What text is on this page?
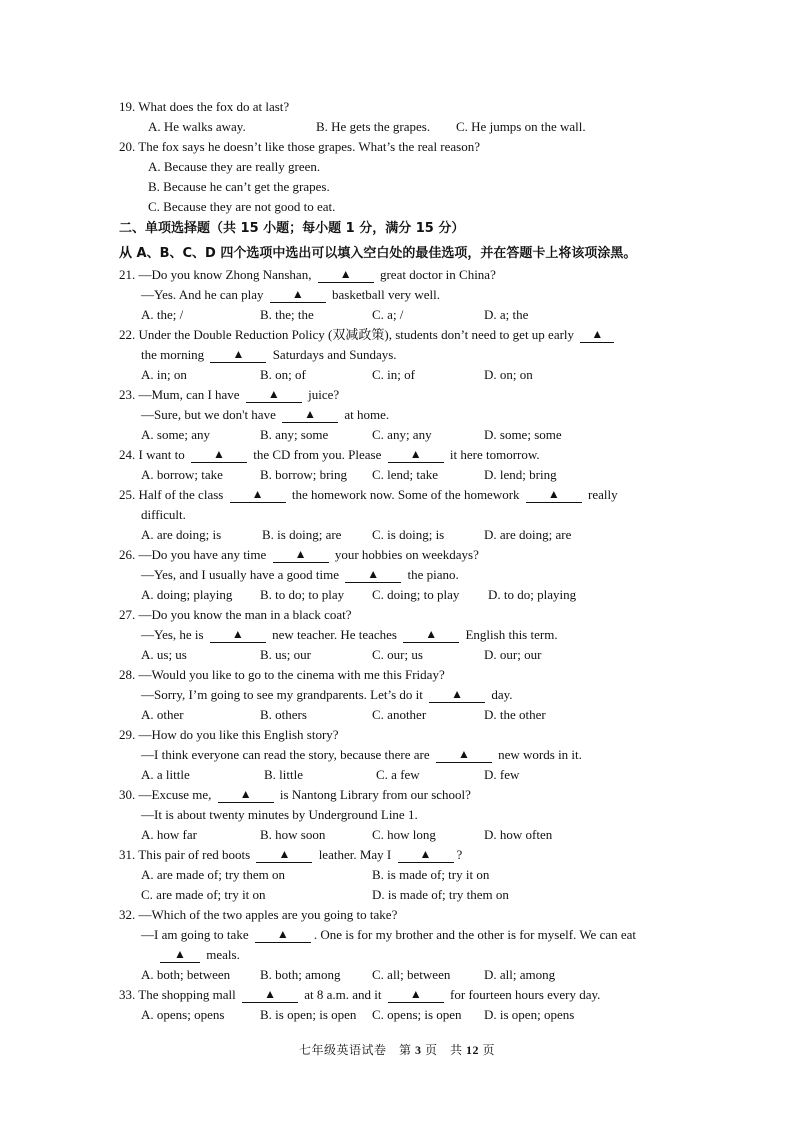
19. What does the fox do at last?
A. He walks away.	B. He gets the grapes. C. He jumps on the wall.
20. The fox says he doesn’t like those grapes. What’s the real reason?
A. Because they are really green.
B. Because he can’t get the grapes.
C. Because they are not good to eat.
二、单项选择题（共 15 小题；每小题 1 分，满分 15 分）
从 A、B、C、D 四个选项中选出可以填入空白处的最佳选项，并在答题卡上将该项涂黑。
21. —Do you know Zhong Nanshan, ▲ great doctor in China?
—Yes. And he can play ▲ basketball very well.
A. the; /	B. the; the	C. a; /	D. a; the
22. Under the Double Reduction Policy (双减政策), students don’t need to get up early ▲
the morning ▲ Saturdays and Sundays.
A. in; on	B. on; of	C. in; of	D. on; on
23. —Mum, can I have ▲ juice?
—Sure, but we don't have ▲ at home.
A. some; any	B. any; some	C. any; any	D. some; some
24. I want to ▲ the CD from you. Please ▲ it here tomorrow.
A. borrow; take	B. borrow; bring C. lend; take	D. lend; bring
25. Half of the class ▲ the homework now. Some of the homework ▲ really
difficult.
A. are doing; is	B. is doing; are C. is doing; is	D. are doing; are
26. —Do you have any time ▲ your hobbies on weekdays?
—Yes, and I usually have a good time ▲ the piano.
A. doing; playing B. to do; to play C. doing; to play D. to do; playing
27. —Do you know the man in a black coat?
—Yes, he is ▲ new teacher. He teaches ▲ English this term.
A. us; us	B. us; our	C. our; us	D. our; our
28. —Would you like to go to the cinema with me this Friday?
—Sorry, I’m going to see my grandparents. Let’s do it ▲ day.
A. other	B. others	C. another	D. the other
29. —How do you like this English story?
—I think everyone can read the story, because there are ▲ new words in it.
A. a little	B. little	C. a few	D. few
30. —Excuse me, ▲ is Nantong Library from our school?
—It is about twenty minutes by Underground Line 1.
A. how far	B. how soon	C. how long	D. how often
31. This pair of red boots ▲ leather. May I ▲ ?
A. are made of; try them on	B. is made of; try it on
C. are made of; try it on	D. is made of; try them on
32. —Which of the two apples are you going to take?
—I am going to take ▲ . One is for my brother and the other is for myself. We can eat
▲ meals.
A. both; between B. both; among C. all; between	D. all; among
33. The shopping mall ▲ at 8 a.m. and it ▲ for fourteen hours every day.
A. opens; opens	B. is open; is open C. opens; is open D. is open; opens
七年级英语试卷　第 3 页　共 12 页
